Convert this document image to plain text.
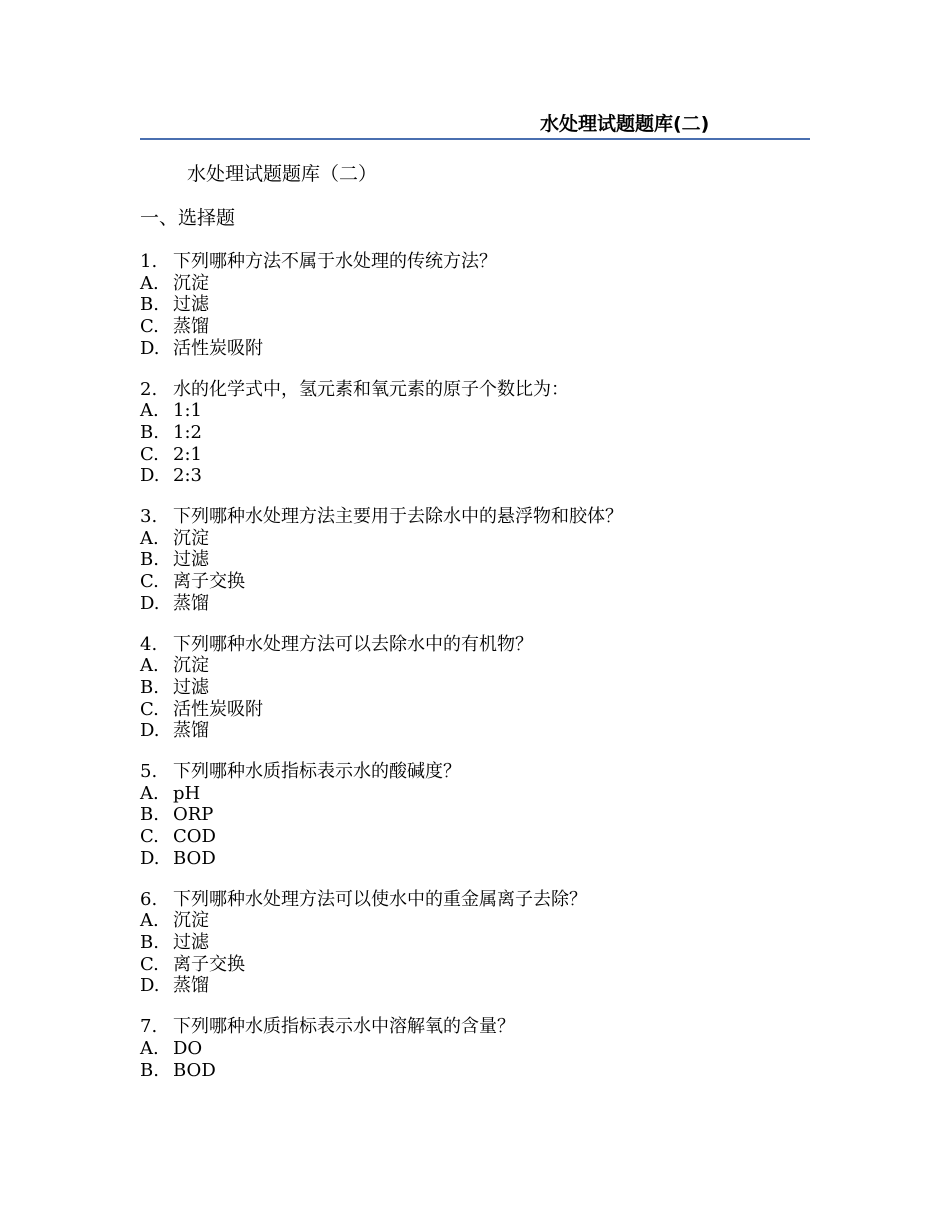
水处理试题题库(二)
水处理试题题库（二）
一、选择题
1. 下列哪种方法不属于水处理的传统方法？
A. 沉淀
B. 过滤
C. 蒸馏
D. 活性炭吸附
2. 水的化学式中，氢元素和氧元素的原子个数比为：
A. 1:1
B. 1:2
C. 2:1
D. 2:3
3. 下列哪种水处理方法主要用于去除水中的悬浮物和胶体？
A. 沉淀
B. 过滤
C. 离子交换
D. 蒸馏
4. 下列哪种水处理方法可以去除水中的有机物？
A. 沉淀
B. 过滤
C. 活性炭吸附
D. 蒸馏
5. 下列哪种水质指标表示水的酸碱度？
A. pH
B. ORP
C. COD
D. BOD
6. 下列哪种水处理方法可以使水中的重金属离子去除？
A. 沉淀
B. 过滤
C. 离子交换
D. 蒸馏
7. 下列哪种水质指标表示水中溶解氧的含量？
A. DO
B. BOD
